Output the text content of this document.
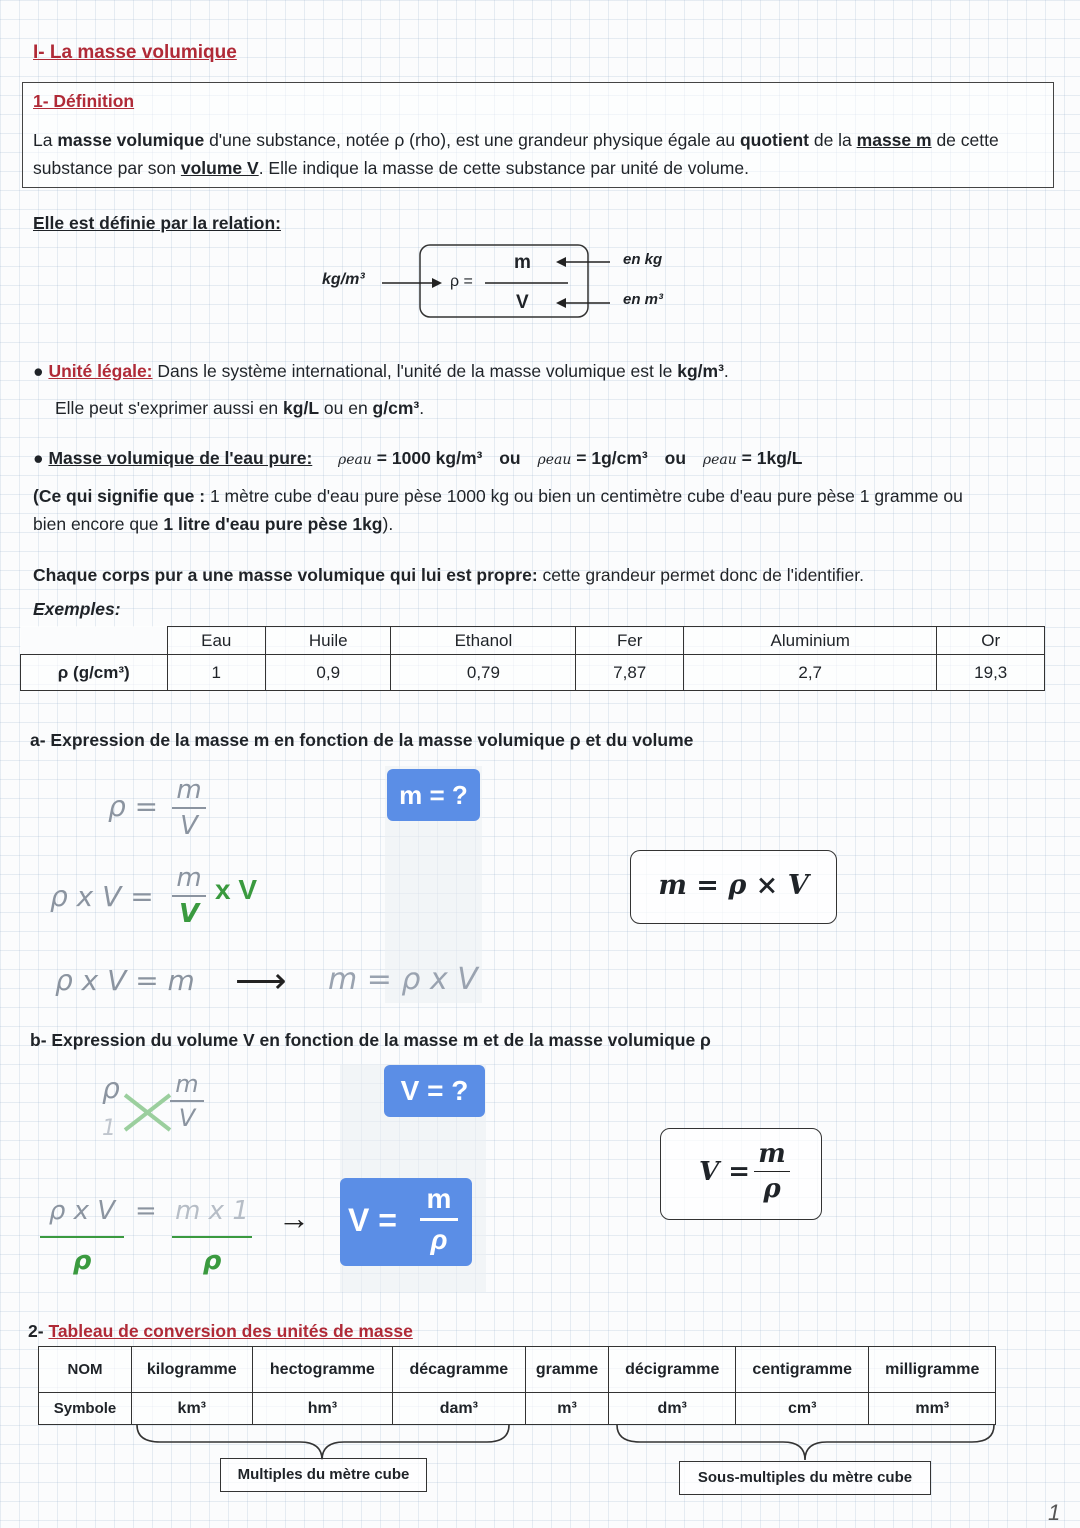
I- La masse volumique
1- Définition
La masse volumique d'une substance, notée ρ (rho), est une grandeur physique égale au quotient de la masse m de cette
substance par son volume V. Elle indique la masse de cette substance par unité de volume.
Elle est définie par la relation:
kg/m³	ρ =
m
V
en kg
en m³
● Unité légale: Dans le système international, l'unité de la masse volumique est le kg/m³.
Elle peut s'exprimer aussi en kg/L ou en g/cm³.
● Masse volumique de l'eau pure: ρeau = 1000 kg/m³ ou ρeau = 1g/cm³ ou ρeau = 1kg/L
(Ce qui signifie que : 1 mètre cube d'eau pure pèse 1000 kg ou bien un centimètre cube d'eau pure pèse 1 gramme ou
bien encore que 1 litre d'eau pure pèse 1kg).
Chaque corps pur a une masse volumique qui lui est propre: cette grandeur permet donc de l'identifier.
Exemples:
	Eau	Huile	Ethanol	Fer	Aluminium	Or
ρ (g/cm³)	1	0,9	0,79	7,87	2,7	19,3
a- Expression de la masse m en fonction de la masse volumique ρ et du volume
m = ?
ρ = m
V
ρ x V =
m
V
x V
ρ x V = m ⟶ m = ρ x V
m = ρ × V
b- Expression du volume V en fonction de la masse m et de la masse volumique ρ
V = ?
ρ
1
m
V
ρ x V
ρ
= m x 1
ρ
→ V =
m
ρ
V =
m
ρ
2- Tableau de conversion des unités de masse
NOM	kilogramme	hectogramme	décagramme	gramme	décigramme	centigramme	milligramme
Symbole	km³	hm³	dam³	m³	dm³	cm³	mm³
Multiples du mètre cube	Sous-multiples du mètre cube
1
